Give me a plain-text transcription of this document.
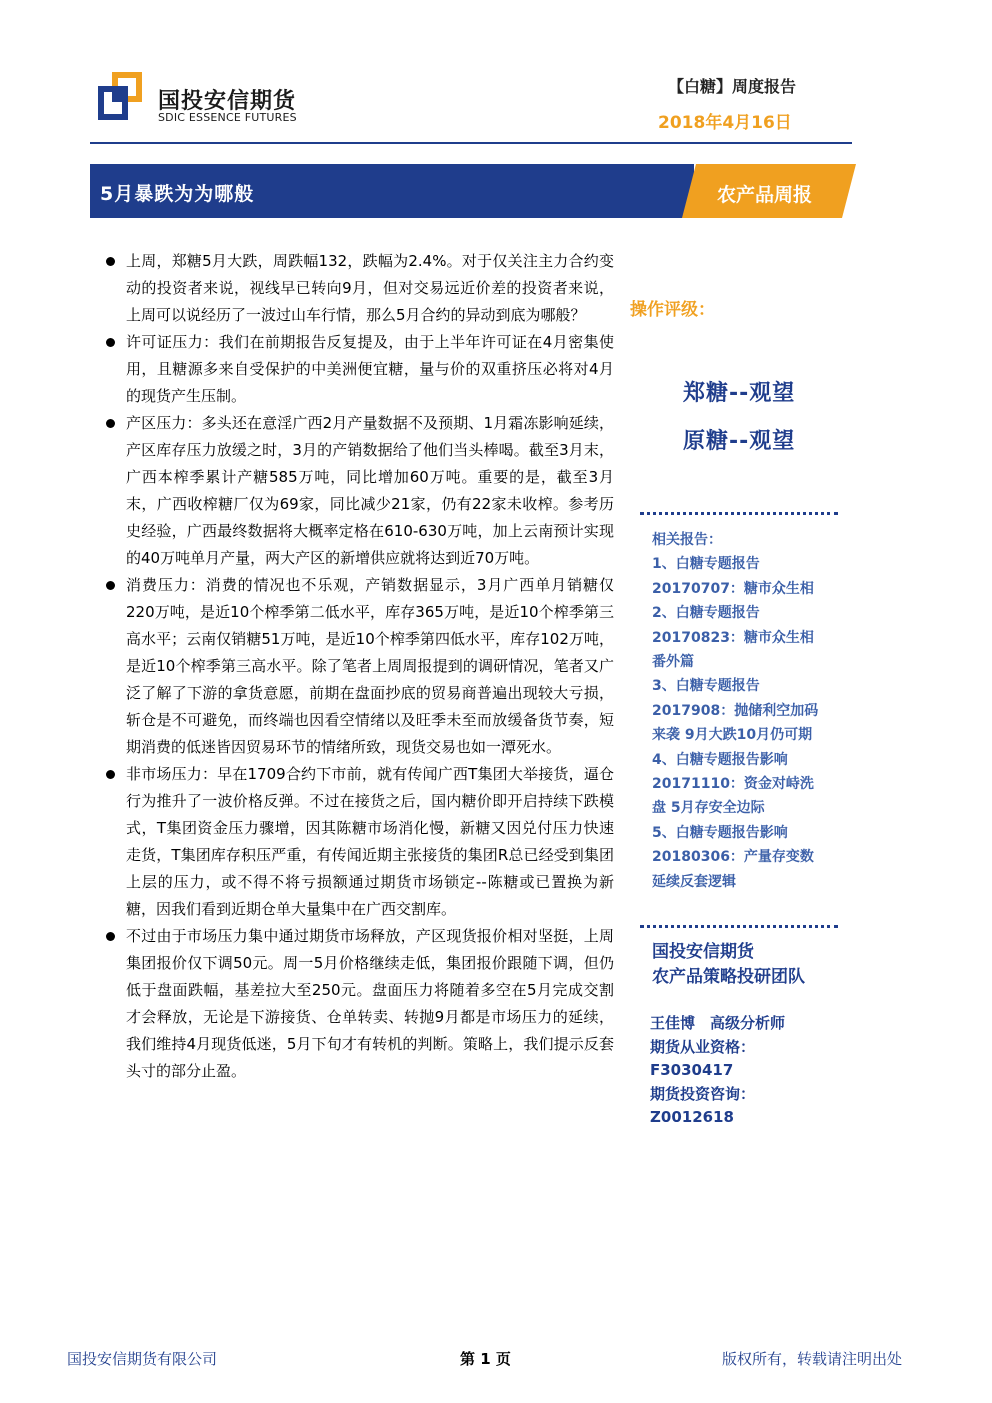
国投安信期货
SDIC ESSENCE FUTURES
【白糖】周度报告
2018年4月16日
5月暴跌为为哪般	农产品周报
上周，郑糖5月大跌，周跌幅132，跌幅为2.4%。对于仅关注主力合约变动的投资者来说，视线早已转向9月，但对交易远近价差的投资者来说，上周可以说经历了一波过山车行情，那么5月合约的异动到底为哪般？
许可证压力：我们在前期报告反复提及，由于上半年许可证在4月密集使用，且糖源多来自受保护的中美洲便宜糖，量与价的双重挤压必将对4月的现货产生压制。
产区压力：多头还在意淫广西2月产量数据不及预期、1月霜冻影响延续，产区库存压力放缓之时，3月的产销数据给了他们当头棒喝。截至3月末，广西本榨季累计产糖585万吨，同比增加60万吨。重要的是，截至3月末，广西收榨糖厂仅为69家，同比减少21家，仍有22家未收榨。参考历史经验，广西最终数据将大概率定格在610-630万吨，加上云南预计实现的40万吨单月产量，两大产区的新增供应就将达到近70万吨。
消费压力：消费的情况也不乐观，产销数据显示，3月广西单月销糖仅220万吨，是近10个榨季第二低水平，库存365万吨，是近10个榨季第三高水平；云南仅销糖51万吨，是近10个榨季第四低水平，库存102万吨，是近10个榨季第三高水平。除了笔者上周周报提到的调研情况，笔者又广泛了解了下游的拿货意愿，前期在盘面抄底的贸易商普遍出现较大亏损，斩仓是不可避免，而终端也因看空情绪以及旺季未至而放缓备货节奏，短期消费的低迷皆因贸易环节的情绪所致，现货交易也如一潭死水。
非市场压力：早在1709合约下市前，就有传闻广西T集团大举接货，逼仓行为推升了一波价格反弹。不过在接货之后，国内糖价即开启持续下跌模式，T集团资金压力骤增，因其陈糖市场消化慢，新糖又因兑付压力快速走货，T集团库存积压严重，有传闻近期主张接货的集团R总已经受到集团上层的压力，或不得不将亏损额通过期货市场锁定--陈糖或已置换为新糖，因我们看到近期仓单大量集中在广西交割库。
不过由于市场压力集中通过期货市场释放，产区现货报价相对坚挺，上周集团报价仅下调50元。周一5月价格继续走低，集团报价跟随下调，但仍低于盘面跌幅，基差拉大至250元。盘面压力将随着多空在5月完成交割才会释放，无论是下游接货、仓单转卖、转抛9月都是市场压力的延续，我们维持4月现货低迷，5月下旬才有转机的判断。策略上，我们提示反套头寸的部分止盈。
操作评级：
郑糖--观望
原糖--观望
相关报告：
1、白糖专题报告
20170707：糖市众生相
2、白糖专题报告
20170823：糖市众生相
番外篇
3、白糖专题报告
2017908：抛储利空加码
来袭 9月大跌10月仍可期
4、白糖专题报告影响
20171110：资金对峙洗
盘 5月存安全边际
5、白糖专题报告影响
20180306：产量存变数
延续反套逻辑
国投安信期货
农产品策略投研团队
王佳博　高级分析师
期货从业资格：
F3030417
期货投资咨询：
Z0012618
国投安信期货有限公司	第 1 页	版权所有，转载请注明出处
